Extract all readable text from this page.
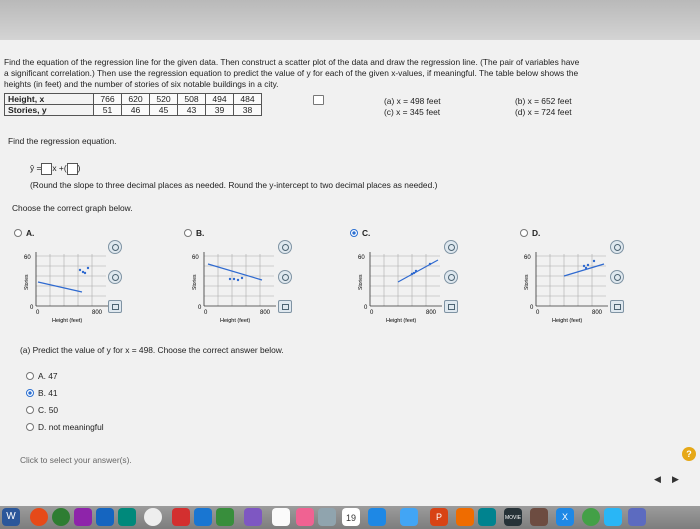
Find the equation of the regression line for the given data. Then construct a scatter plot of the data and draw the regression line. (The pair of variables have
a significant correlation.) Then use the regression equation to predict the value of y for each of the given x-values, if meaningful. The table below shows the
heights (in feet) and the number of stories of six notable buildings in a city.
Height, x	766	620	520	508	494	484
Stories, y	51	46	45	43	39	38
(a) x = 498 feet
(c) x = 345 feet
(b) x = 652 feet
(d) x = 724 feet
Find the regression equation.
ŷ = x +( )
(Round the slope to three decimal places as needed. Round the y-intercept to two decimal places as needed.)
Choose the correct graph below.
A.	B.	C.	D.
60
0
0	800
Height (feet)
Stories
60
0
0	800
Height (feet)
Stories
60
0
0	800
Height (feet)
Stories
60
0
0	800
Height (feet)
Stories
(a) Predict the value of y for x = 498. Choose the correct answer below.
A. 47
B. 41
C. 50
D. not meaningful
Click to select your answer(s).
?
◀ ▶
W	19	P	MOVIE	X
